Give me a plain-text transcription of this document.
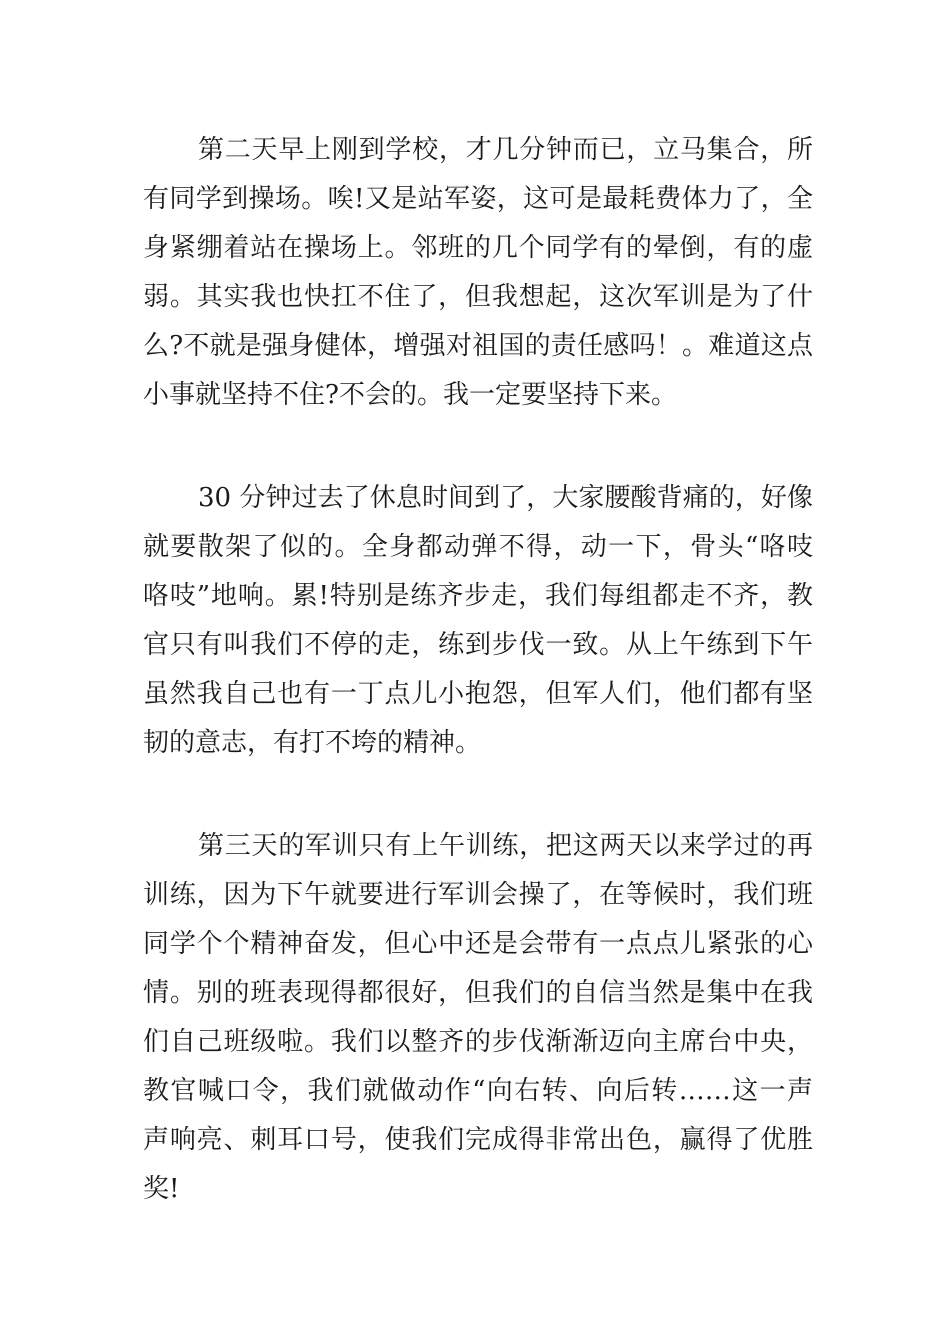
第二天早上刚到学校，才几分钟而已，立马集合，所
有同学到操场。唉!又是站军姿，这可是最耗费体力了，全
身紧绷着站在操场上。邻班的几个同学有的晕倒，有的虚
弱。其实我也快扛不住了，但我想起，这次军训是为了什
么?不就是强身健体，增强对祖国的责任感吗！。难道这点
小事就坚持不住?不会的。我一定要坚持下来。
30 分钟过去了休息时间到了，大家腰酸背痛的，好像
就要散架了似的。全身都动弹不得，动一下，骨头“咯吱
咯吱”地响。累!特别是练齐步走，我们每组都走不齐，教
官只有叫我们不停的走，练到步伐一致。从上午练到下午
虽然我自己也有一丁点儿小抱怨，但军人们，他们都有坚
韧的意志，有打不垮的精神。
第三天的军训只有上午训练，把这两天以来学过的再
训练，因为下午就要进行军训会操了，在等候时，我们班
同学个个精神奋发，但心中还是会带有一点点儿紧张的心
情。别的班表现得都很好，但我们的自信当然是集中在我
们自己班级啦。我们以整齐的步伐渐渐迈向主席台中央，
教官喊口令，我们就做动作“向右转、向后转……这一声
声响亮、刺耳口号，使我们完成得非常出色，赢得了优胜
奖!
